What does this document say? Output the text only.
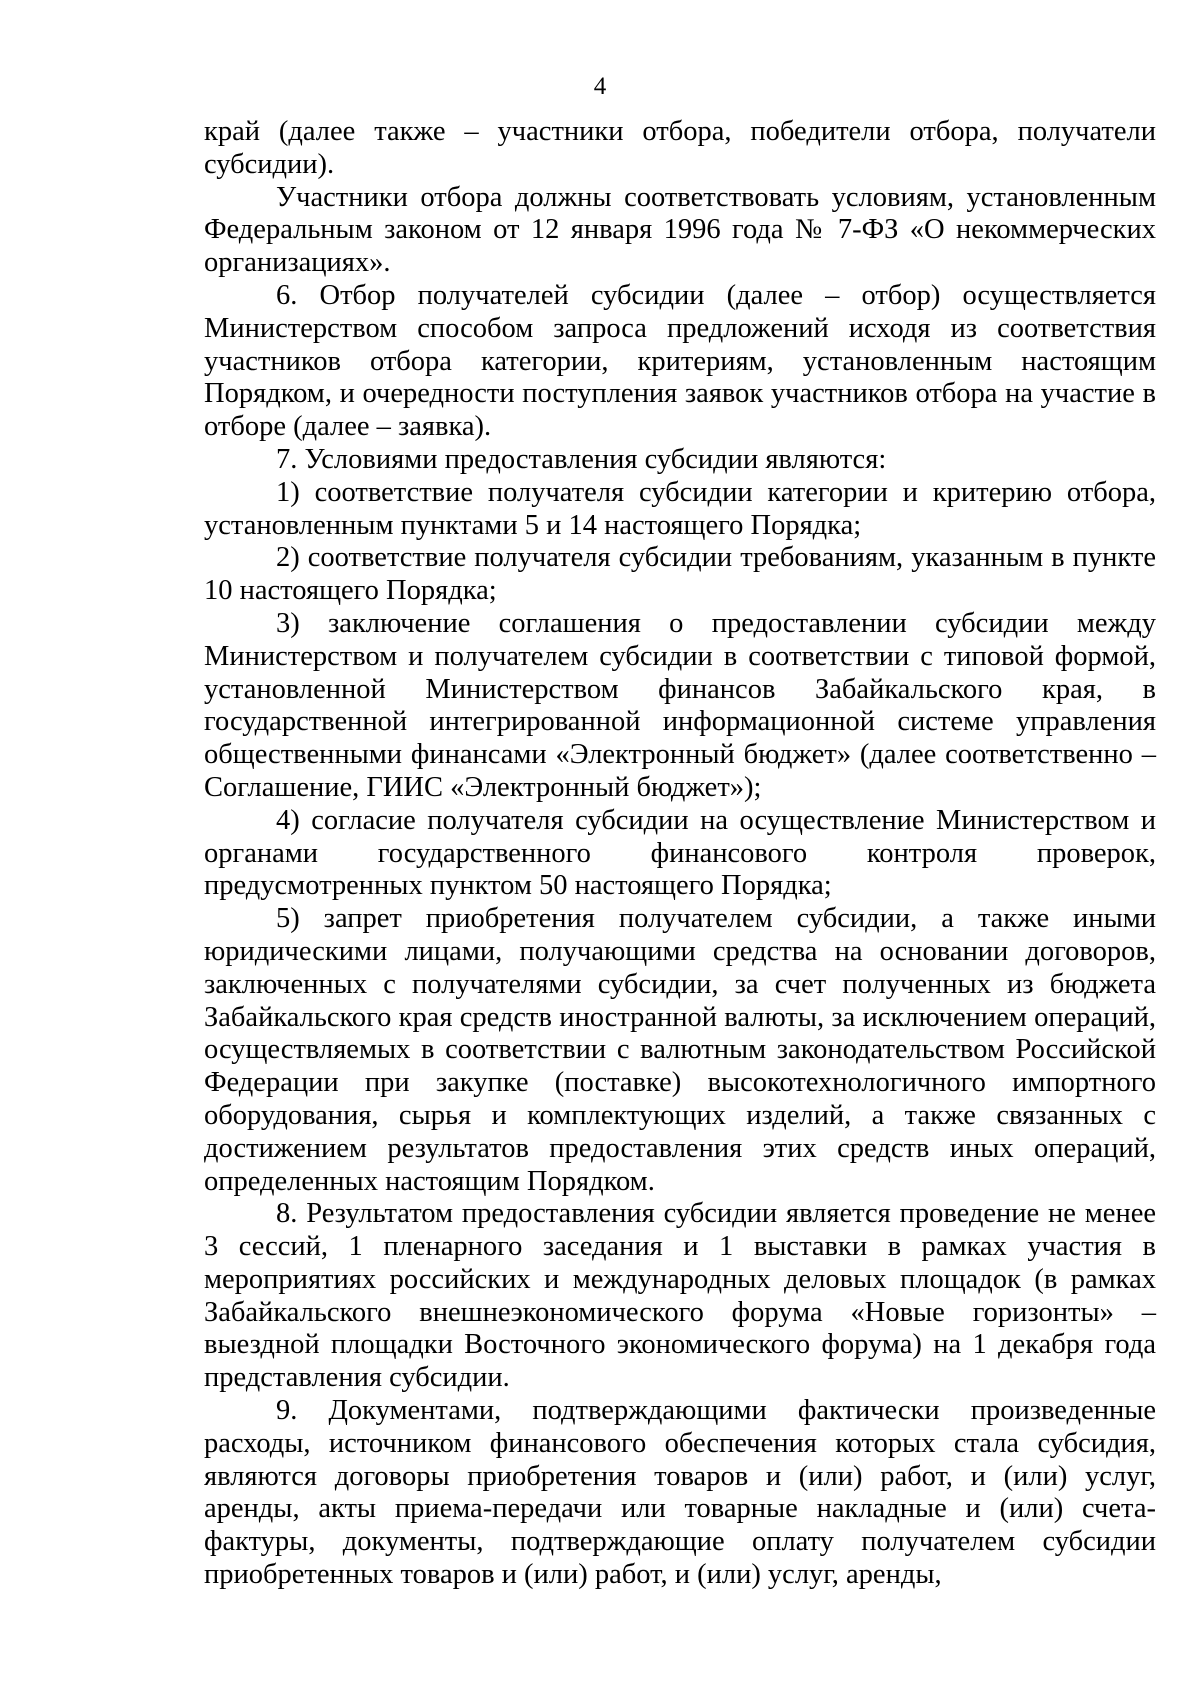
4

край (далее также – участники отбора, победители отбора, получатели субсидии).

Участники отбора должны соответствовать условиям, установленным Федеральным законом от 12 января 1996 года № 7-ФЗ «О некоммерческих организациях».

6. Отбор получателей субсидии (далее – отбор) осуществляется Министерством способом запроса предложений исходя из соответствия участников отбора категории, критериям, установленным настоящим Порядком, и очередности поступления заявок участников отбора на участие в отборе (далее – заявка).

7. Условиями предоставления субсидии являются:

1) соответствие получателя субсидии категории и критерию отбора, установленным пунктами 5 и 14 настоящего Порядка;

2) соответствие получателя субсидии требованиям, указанным в пункте 10 настоящего Порядка;

3) заключение соглашения о предоставлении субсидии между Министерством и получателем субсидии в соответствии с типовой формой, установленной Министерством финансов Забайкальского края, в государственной интегрированной информационной системе управления общественными финансами «Электронный бюджет» (далее соответственно – Соглашение, ГИИС «Электронный бюджет»);

4) согласие получателя субсидии на осуществление Министерством и органами государственного финансового контроля проверок, предусмотренных пунктом 50 настоящего Порядка;

5) запрет приобретения получателем субсидии, а также иными юридическими лицами, получающими средства на основании договоров, заключенных с получателями субсидии, за счет полученных из бюджета Забайкальского края средств иностранной валюты, за исключением операций, осуществляемых в соответствии с валютным законодательством Российской Федерации при закупке (поставке) высокотехнологичного импортного оборудования, сырья и комплектующих изделий, а также связанных с достижением результатов предоставления этих средств иных операций, определенных настоящим Порядком.

8. Результатом предоставления субсидии является проведение не менее 3 сессий, 1 пленарного заседания и 1 выставки в рамках участия в мероприятиях российских и международных деловых площадок (в рамках Забайкальского внешнеэкономического форума «Новые горизонты» – выездной площадки Восточного экономического форума) на 1 декабря года представления субсидии.

9. Документами, подтверждающими фактически произведенные расходы, источником финансового обеспечения которых стала субсидия, являются договоры приобретения товаров и (или) работ, и (или) услуг, аренды, акты приема-передачи или товарные накладные и (или) счета-фактуры, документы, подтверждающие оплату получателем субсидии приобретенных товаров и (или) работ, и (или) услуг, аренды,
